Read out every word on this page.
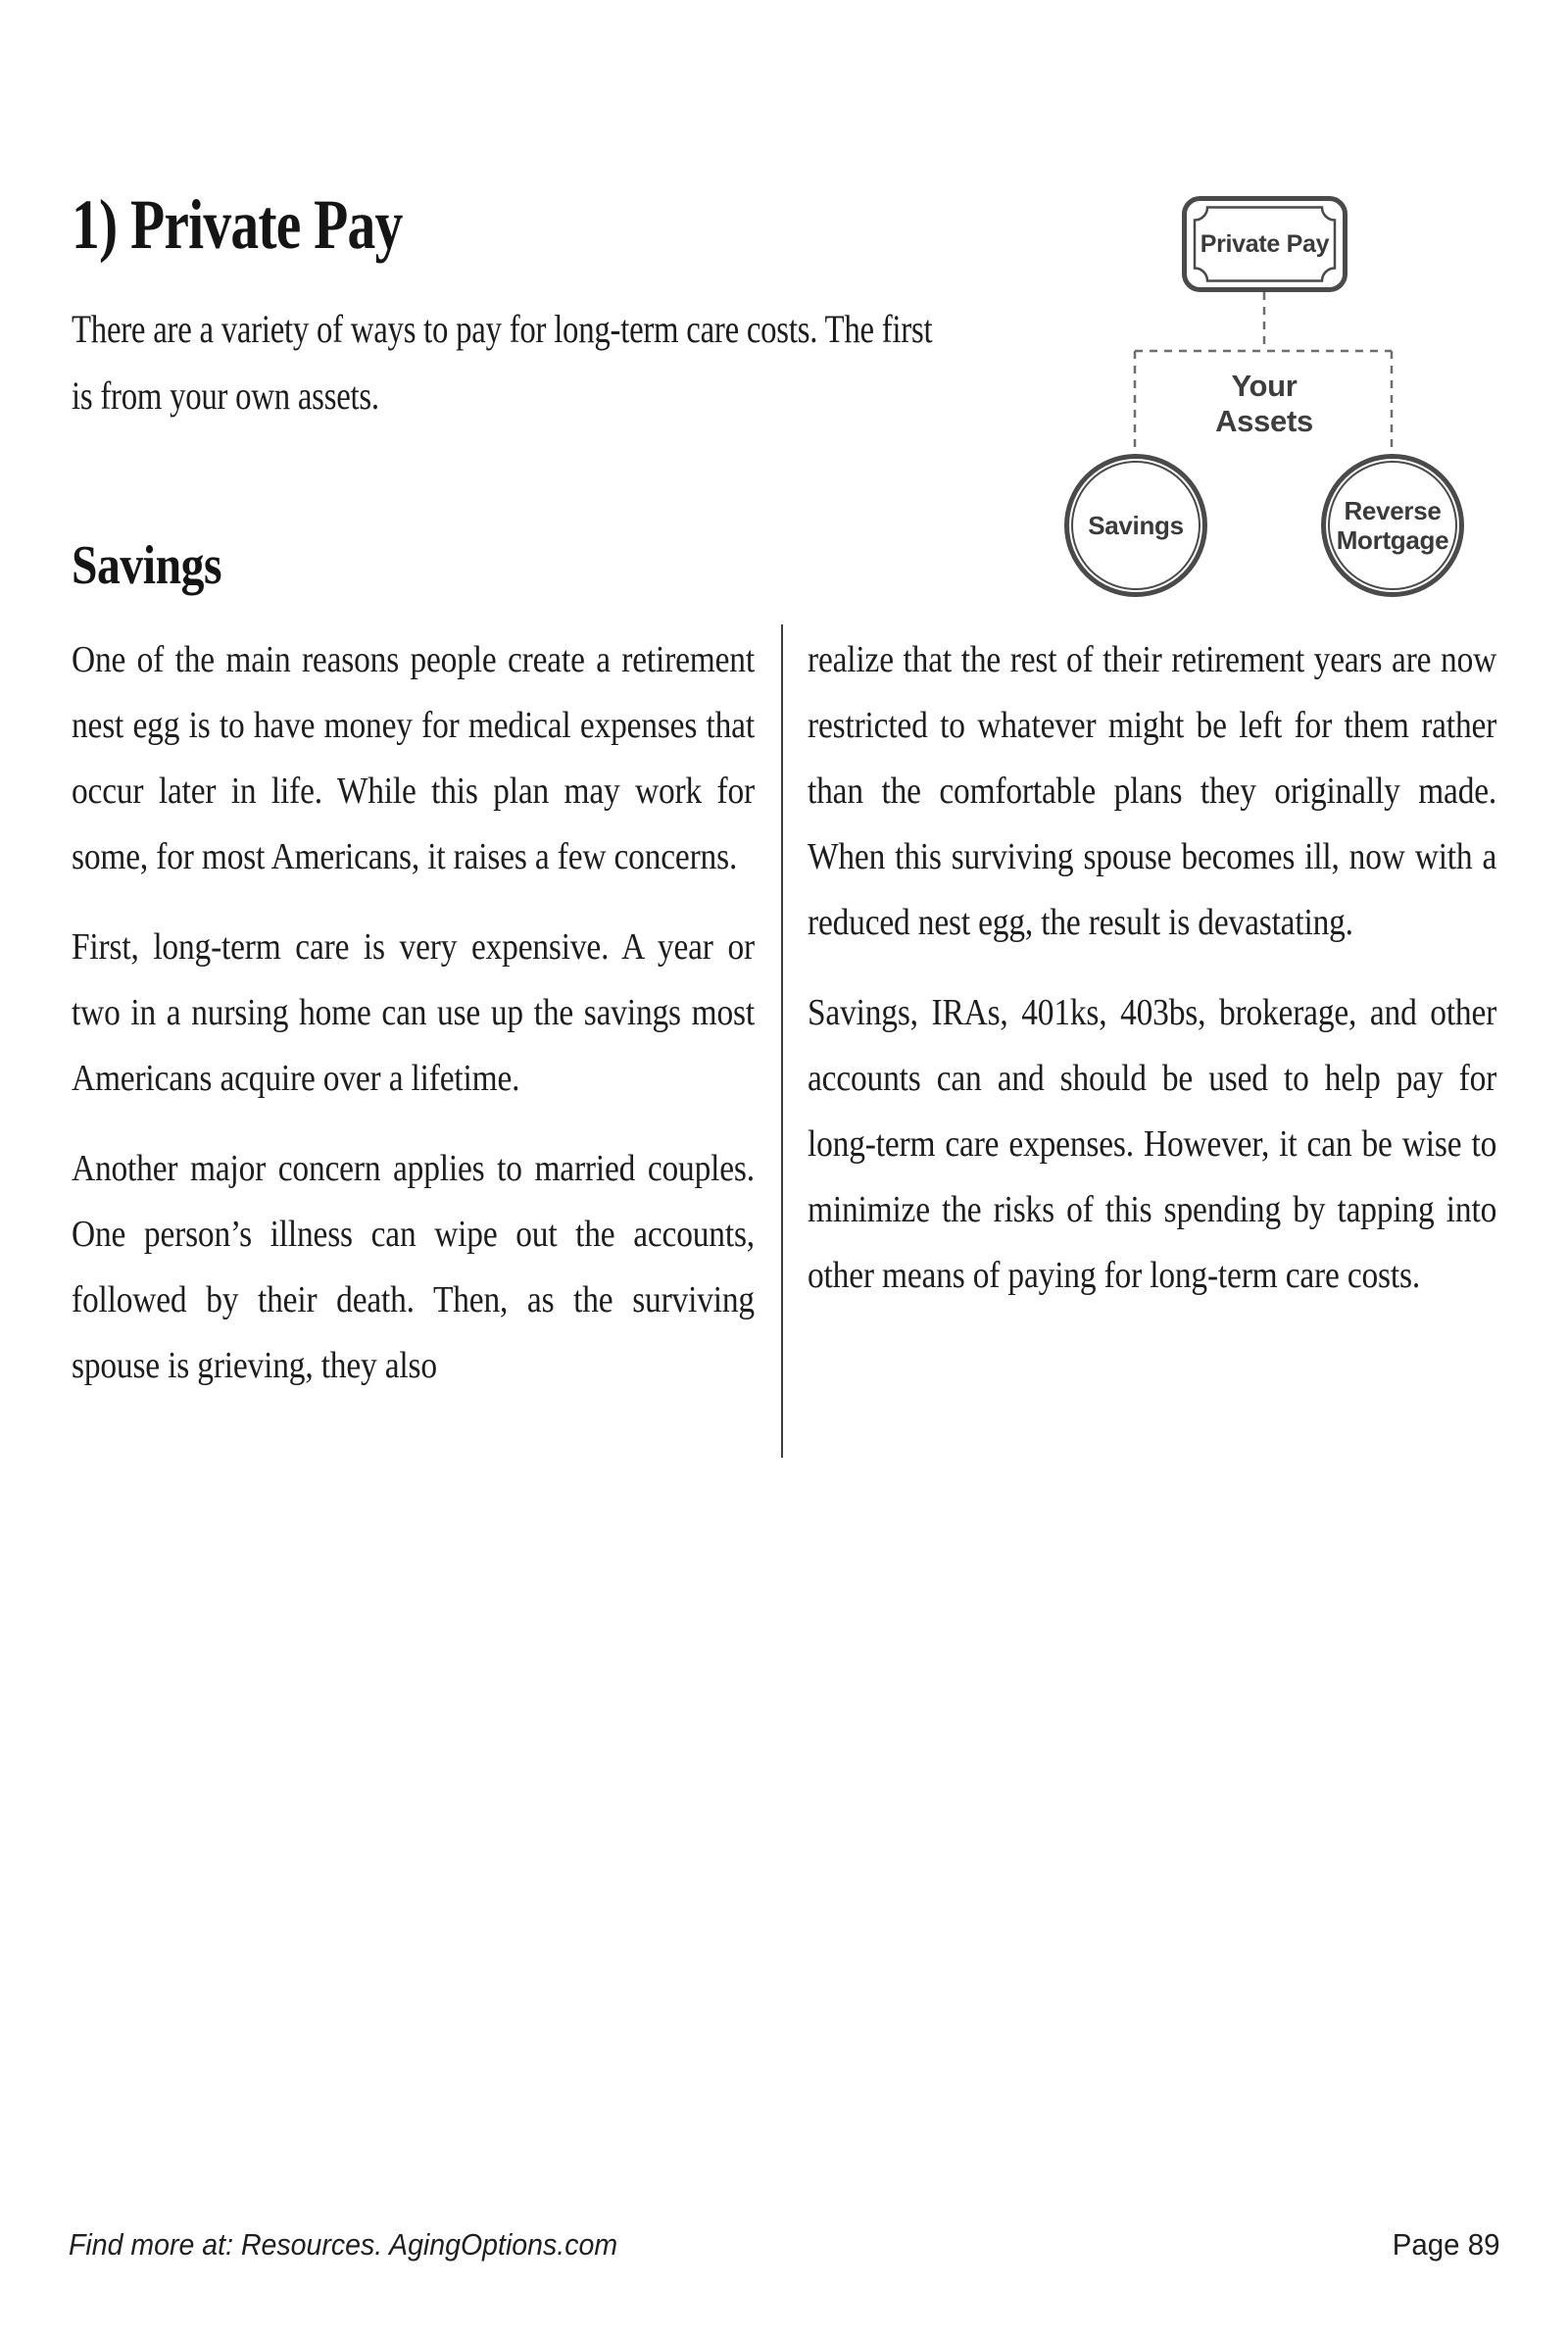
1) Private Pay
There are a variety of ways to pay for long-term care costs. The first
is from your own assets.
Private Pay
Your Assets
Savings	Reverse Mortgage
Savings

One of the main reasons people create a retirement nest egg is to have money for medical expenses that occur later in life. While this plan may work for some, for most Americans, it raises a few concerns.

First, long-term care is very expensive. A year or two in a nursing home can use up the savings most Americans acquire over a lifetime.

Another major concern applies to married couples. One person’s illness can wipe out the accounts, followed by their death. Then, as the surviving spouse is grieving, they also

realize that the rest of their retirement years are now restricted to whatever might be left for them rather than the comfortable plans they originally made. When this surviving spouse becomes ill, now with a reduced nest egg, the result is devastating.

Savings, IRAs, 401ks, 403bs, brokerage, and other accounts can and should be used to help pay for long-term care expenses. However, it can be wise to minimize the risks of this spending by tapping into other means of paying for long-term care costs.

Find more at: Resources. AgingOptions.com	Page 89
